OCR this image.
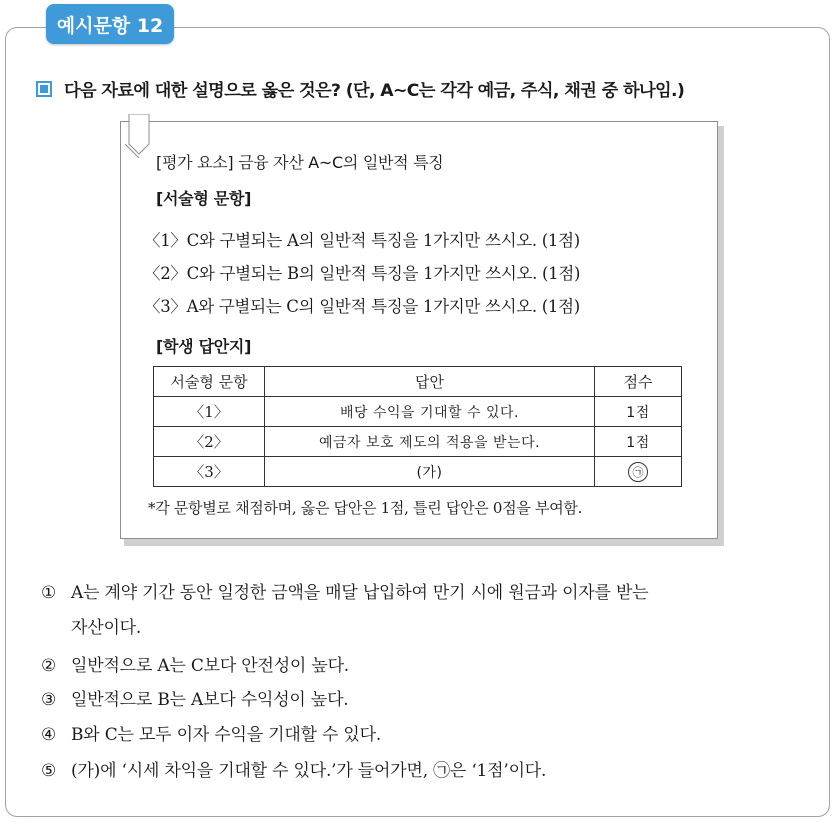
예시문항 12
다음 자료에 대한 설명으로 옳은 것은? (단, A~C는 각각 예금, 주식, 채권 중 하나임.)
[평가 요소] 금융 자산 A~C의 일반적 특징
[서술형 문항]
〈1〉C와 구별되는 A의 일반적 특징을 1가지만 쓰시오. (1점)
〈2〉C와 구별되는 B의 일반적 특징을 1가지만 쓰시오. (1점)
〈3〉A와 구별되는 C의 일반적 특징을 1가지만 쓰시오. (1점)
[학생 답안지]
서술형 문항	답안	점수
〈1〉	배당 수익을 기대할 수 있다.	1점
〈2〉	예금자 보호 제도의 적용을 받는다.	1점
〈3〉	(가)	㉠
*각 문항별로 채점하며, 옳은 답안은 1점, 틀린 답안은 0점을 부여함.
① A는 계약 기간 동안 일정한 금액을 매달 납입하여 만기 시에 원금과 이자를 받는
자산이다.
② 일반적으로 A는 C보다 안전성이 높다.
③ 일반적으로 B는 A보다 수익성이 높다.
④ B와 C는 모두 이자 수익을 기대할 수 있다.
⑤ (가)에 ‘시세 차익을 기대할 수 있다.’가 들어가면, ㉠은 ‘1점’이다.
